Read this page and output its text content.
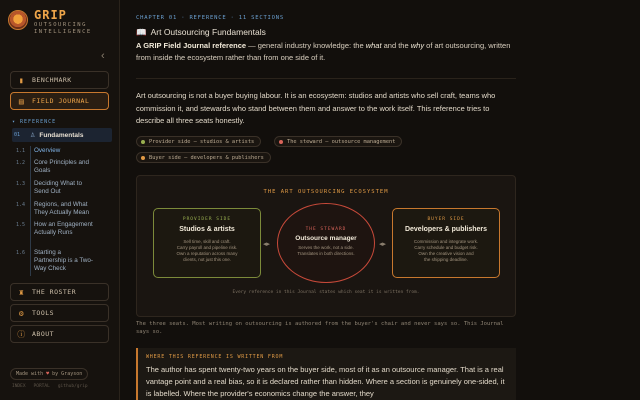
GRIP
OUTSOURCING INTELLIGENCE
‹
▮ BENCHMARK
▤ FIELD JOURNAL
▾ REFERENCE
01	♙ Fundamentals
1.1	Overview
1.2	Core Principles and Goals
1.3	Deciding What to Send Out
1.4	Regions, and What They Actually Mean
1.5	How an Engagement Actually Runs
1.6	Starting a Partnership is a Two-Way Check
♜ THE ROSTER
⚙ TOOLS
ⓘ ABOUT
Made with ♥ by Grayson
INDEX PORTAL github/grip
CHAPTER 01 · REFERENCE · 11 SECTIONS
📖 Art Outsourcing Fundamentals
A GRIP Field Journal reference — general industry knowledge: the what and the why of art outsourcing, written from inside the ecosystem rather than from one side of it.
Art outsourcing is not a buyer buying labour. It is an ecosystem: studios and artists who sell craft, teams who commission it, and stewards who stand between them and answer to the work itself. This reference tries to describe all three seats honestly.
Provider side — studios & artists	The steward — outsource management
Buyer side — developers & publishers
THE ART OUTSOURCING ECOSYSTEM
PROVIDER SIDE
Studios & artists
Sell time, skill and craft.
Carry payroll and pipeline risk.
Own a reputation across many
clients, not just this one.
◂▸
THE STEWARD
Outsource manager
Serves the work, not a side.
Translates in both directions.
◂▸
BUYER SIDE
Developers & publishers
Commission and integrate work.
Carry schedule and budget risk.
Own the creative vision and
the shipping deadline.
Every reference in this Journal states which seat it is written from.
The three seats. Most writing on outsourcing is authored from the buyer's chair and never says so. This Journal says so.
WHERE THIS REFERENCE IS WRITTEN FROM
The author has spent twenty-two years on the buyer side, most of it as an outsource manager. That is a real vantage point and a real bias, so it is declared rather than hidden. Where a section is genuinely one-sided, it is labelled. Where the provider's economics change the answer, they
